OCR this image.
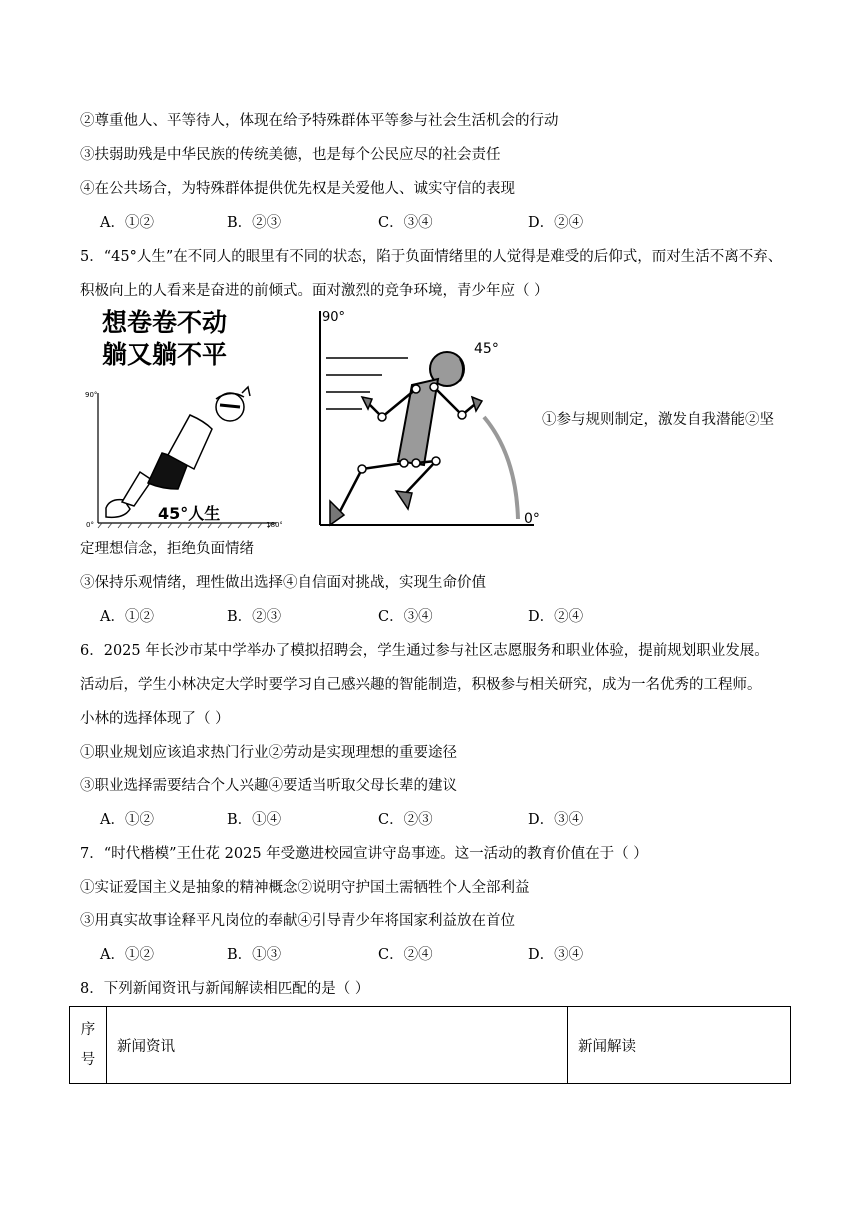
②尊重他人、平等待人，体现在给予特殊群体平等参与社会生活机会的行动
③扶弱助残是中华民族的传统美德，也是每个公民应尽的社会责任
④在公共场合，为特殊群体提供优先权是关爱他人、诚实守信的表现
A．①②	B．②③	C．③④	D．②④
5．“45°人生”在不同人的眼里有不同的状态，陷于负面情绪里的人觉得是难受的后仰式，而对生活不离不弃、
积极向上的人看来是奋进的前倾式。面对激烈的竞争环境，青少年应（ ）
想卷卷不动
躺又躺不平
90°
0°	180°
45°人生
90°
45°
0°
①参与规则制定，激发自我潜能②坚
定理想信念，拒绝负面情绪
③保持乐观情绪，理性做出选择④自信面对挑战，实现生命价值
A．①②	B．②③	C．③④	D．②④
6．2025 年长沙市某中学举办了模拟招聘会，学生通过参与社区志愿服务和职业体验，提前规划职业发展。
活动后，学生小林决定大学时要学习自己感兴趣的智能制造，积极参与相关研究，成为一名优秀的工程师。
小林的选择体现了（ ）
①职业规划应该追求热门行业②劳动是实现理想的重要途径
③职业选择需要结合个人兴趣④要适当听取父母长辈的建议
A．①②	B．①④	C．②③	D．③④
7．“时代楷模”王仕花 2025 年受邀进校园宣讲守岛事迹。这一活动的教育价值在于（ ）
①实证爱国主义是抽象的精神概念②说明守护国土需牺牲个人全部利益
③用真实故事诠释平凡岗位的奉献④引导青少年将国家利益放在首位
A．①②	B．①③	C．②④	D．③④
8．下列新闻资讯与新闻解读相匹配的是（ ）
序号	新闻资讯	新闻解读
